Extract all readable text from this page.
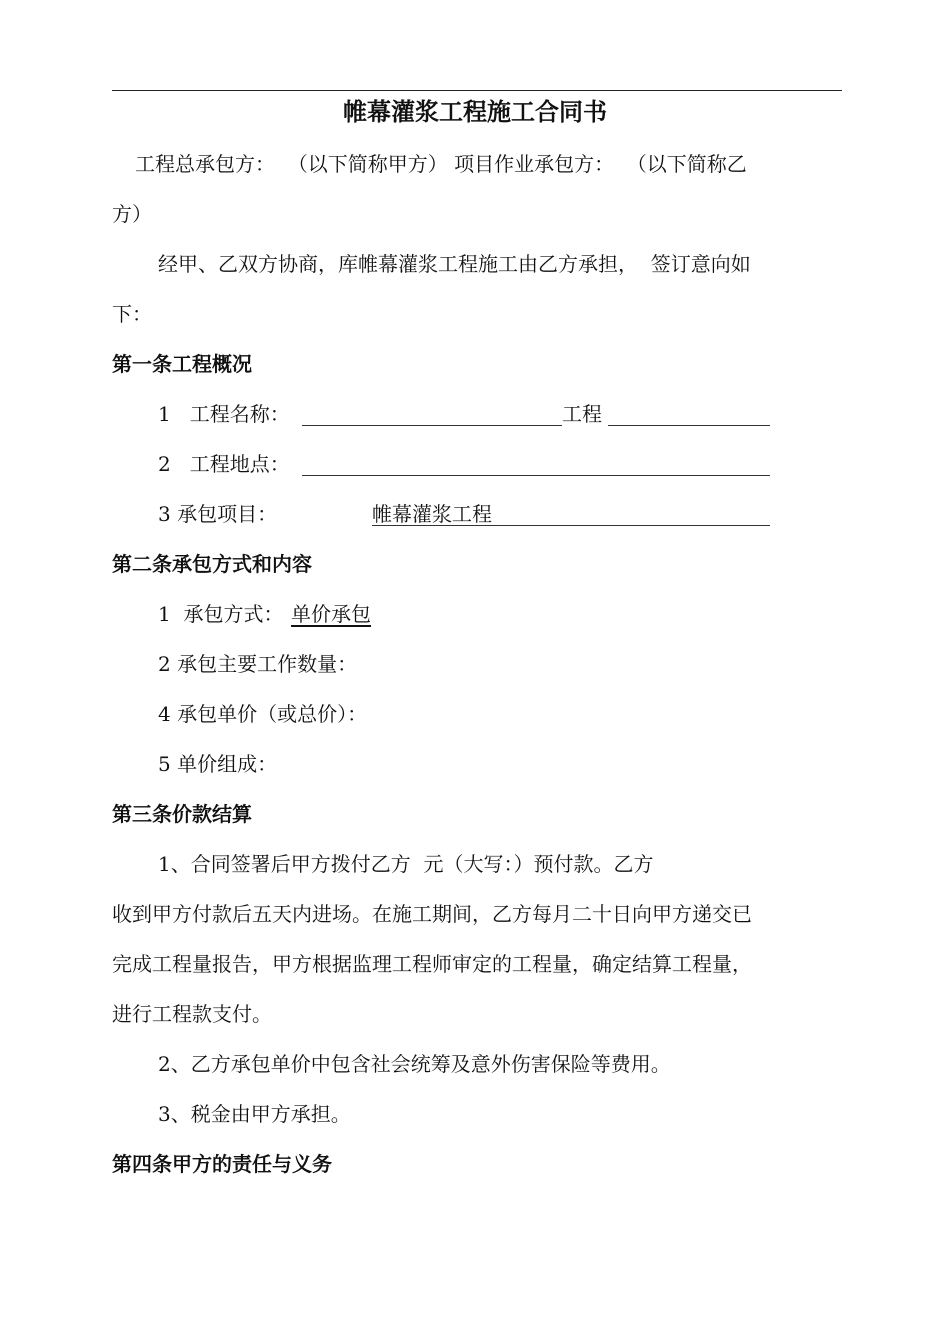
帷幕灌浆工程施工合同书
工程总承包方：  （以下简称甲方） 项目作业承包方：  （以下简称乙
方）
经甲、乙双方协商，库帷幕灌浆工程施工由乙方承担，  签订意向如
下：
第一条工程概况
1   工程名称：	工程
2   工程地点：
3 承包项目：	帷幕灌浆工程
第二条承包方式和内容
1  承包方式： 单价承包
2 承包主要工作数量：
4 承包单价（或总价）：
5 单价组成：
第三条价款结算
1、合同签署后甲方拨付乙方  元（大写：）预付款。乙方
收到甲方付款后五天内进场。在施工期间，乙方每月二十日向甲方递交已
完成工程量报告，甲方根据监理工程师审定的工程量，确定结算工程量，
进行工程款支付。
2、乙方承包单价中包含社会统筹及意外伤害保险等费用。
3、税金由甲方承担。
第四条甲方的责任与义务
